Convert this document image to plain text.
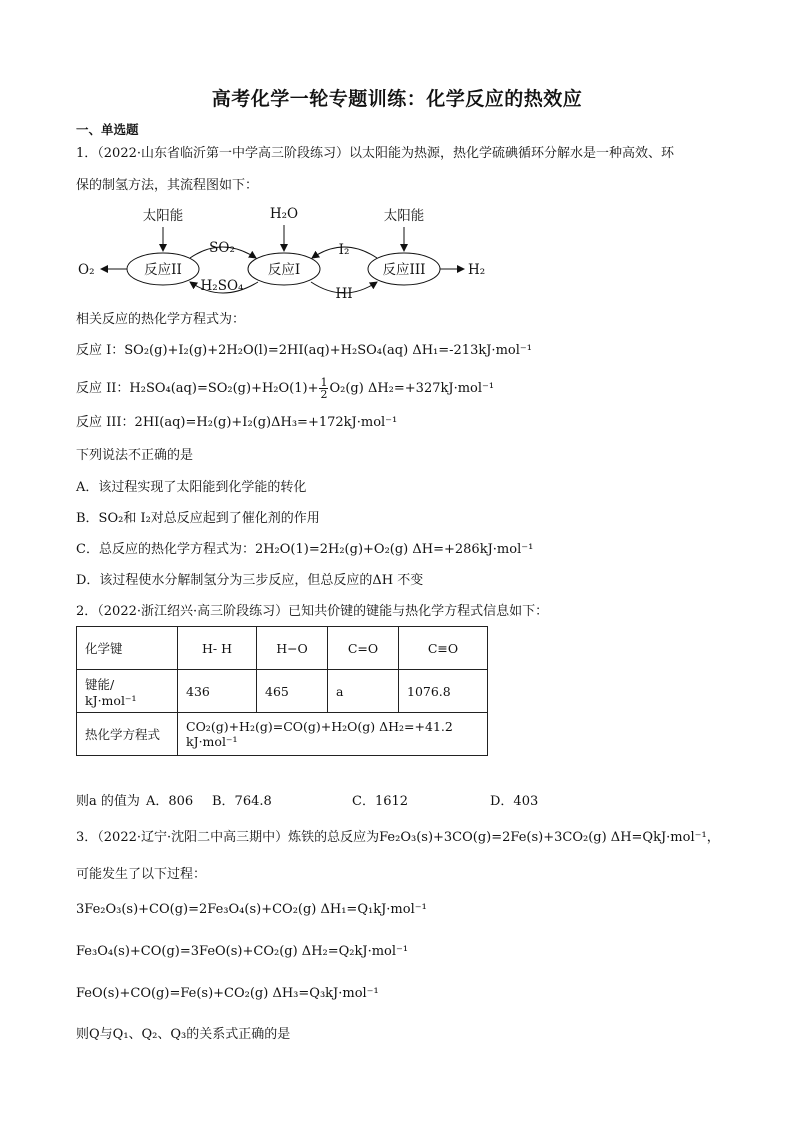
高考化学一轮专题训练：化学反应的热效应
一、单选题
1．（2022·山东省临沂第一中学高三阶段练习）以太阳能为热源，热化学硫碘循环分解水是一种高效、环
保的制氢方法，其流程图如下：
反应II	反应I	反应III
太阳能	H₂O	太阳能
O₂	H₂
SO₂
H₂SO₄
I₂
HI
相关反应的热化学方程式为：
反应 I：SO₂(g)+I₂(g)+2H₂O(l)=2HI(aq)+H₂SO₄(aq) ΔH₁=-213kJ·mol⁻¹
反应 II：$H_2SO_4(aq)=SO_2(g)+H_2O(1)+ \frac{1}{2} O_2(g)$ ΔH₂=+327kJ·mol⁻¹
反应 III：2HI(aq)=H₂(g)+I₂(g)ΔH₃=+172kJ·mol⁻¹
下列说法不正确的是
A．该过程实现了太阳能到化学能的转化
B．SO₂和 I₂对总反应起到了催化剂的作用
C．总反应的热化学方程式为：2H₂O(1)=2H₂(g)+O₂(g) ΔH=+286kJ·mol⁻¹
D．该过程使水分解制氢分为三步反应，但总反应的ΔH 不变
2．（2022·浙江绍兴·高三阶段练习）已知共价键的键能与热化学方程式信息如下：
化学键	H- H	H−O	C=O	C≡O
键能/ kJ·mol⁻¹	436	465	a	1076.8
热化学方程式	CO₂(g)+H₂(g)=CO(g)+H₂O(g) ΔH₂=+41.2 kJ·mol⁻¹			
则a 的值为 A．806 B．764.8	C．1612	D．403
3．（2022·辽宁·沈阳二中高三期中）炼铁的总反应为Fe₂O₃(s)+3CO(g)=2Fe(s)+3CO₂(g) ΔH=QkJ·mol⁻¹，
可能发生了以下过程：
3Fe₂O₃(s)+CO(g)=2Fe₃O₄(s)+CO₂(g) ΔH₁=Q₁kJ·mol⁻¹
Fe₃O₄(s)+CO(g)=3FeO(s)+CO₂(g) ΔH₂=Q₂kJ·mol⁻¹
FeO(s)+CO(g)=Fe(s)+CO₂(g) ΔH₃=Q₃kJ·mol⁻¹
则Q与Q₁、Q₂、Q₃的关系式正确的是
